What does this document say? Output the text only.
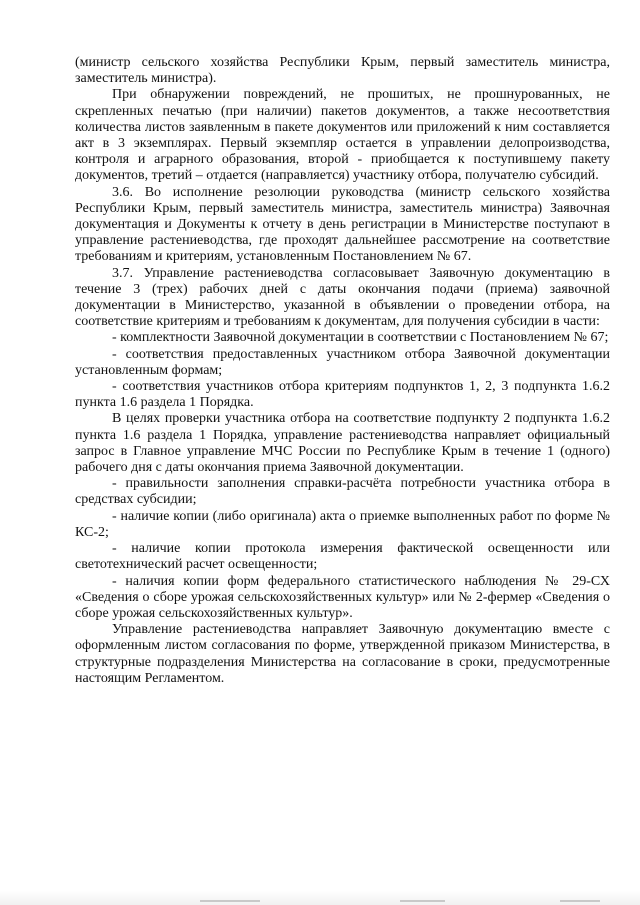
(министр сельского хозяйства Республики Крым, первый заместитель министра, заместитель министра).

При обнаружении повреждений, не прошитых, не прошнурованных, не скрепленных печатью (при наличии) пакетов документов, а также несоответствия количества листов заявленным в пакете документов или приложений к ним составляется акт в 3 экземплярах. Первый экземпляр остается в управлении делопроизводства, контроля и аграрного образования, второй - приобщается к поступившему пакету документов, третий – отдается (направляется) участнику отбора, получателю субсидий.

3.6. Во исполнение резолюции руководства (министр сельского хозяйства Республики Крым, первый заместитель министра, заместитель министра) Заявочная документация и Документы к отчету в день регистрации в Министерстве поступают в управление растениеводства, где проходят дальнейшее рассмотрение на соответствие требованиям и критериям, установленным Постановлением № 67.

3.7. Управление растениеводства согласовывает Заявочную документацию в течение 3 (трех) рабочих дней с даты окончания подачи (приема) заявочной документации в Министерство, указанной в объявлении о проведении отбора, на соответствие критериям и требованиям к документам, для получения субсидии в части:

- комплектности Заявочной документации в соответствии с Постановлением № 67;

- соответствия предоставленных участником отбора Заявочной документации установленным формам;

- соответствия участников отбора критериям подпунктов 1, 2, 3 подпункта 1.6.2 пункта 1.6 раздела 1 Порядка.

В целях проверки участника отбора на соответствие подпункту 2 подпункта 1.6.2 пункта 1.6 раздела 1 Порядка, управление растениеводства направляет официальный запрос в Главное управление МЧС России по Республике Крым в течение 1 (одного) рабочего дня с даты окончания приема Заявочной документации.

- правильности заполнения справки-расчёта потребности участника отбора в средствах субсидии;

- наличие копии (либо оригинала) акта о приемке выполненных работ по форме № КС-2;

- наличие копии протокола измерения фактической освещенности или светотехнический расчет освещенности;

- наличия копии форм федерального статистического наблюдения № 29-СХ «Сведения о сборе урожая сельскохозяйственных культур» или № 2-фермер «Сведения о сборе урожая сельскохозяйственных культур».

Управление растениеводства направляет Заявочную документацию вместе с оформленным листом согласования по форме, утвержденной приказом Министерства, в структурные подразделения Министерства на согласование в сроки, предусмотренные настоящим Регламентом.
